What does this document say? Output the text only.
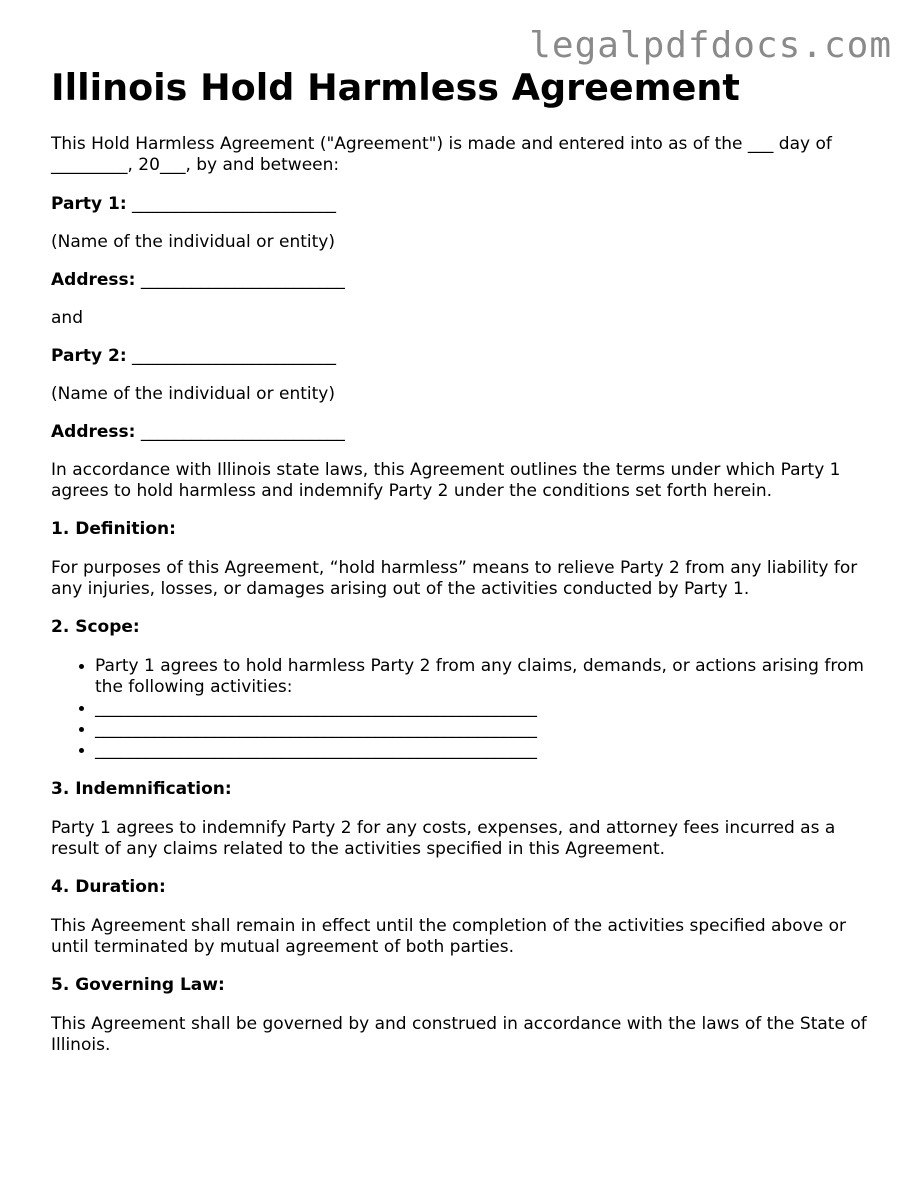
legalpdfdocs.com
Illinois Hold Harmless Agreement

This Hold Harmless Agreement ("Agreement") is made and entered into as of the ___ day of _________, 20___, by and between:

Party 1: ________________________

(Name of the individual or entity)

Address: ________________________

and

Party 2: ________________________

(Name of the individual or entity)

Address: ________________________

In accordance with Illinois state laws, this Agreement outlines the terms under which Party 1 agrees to hold harmless and indemnify Party 2 under the conditions set forth herein.

1. Definition:

For purposes of this Agreement, “hold harmless” means to relieve Party 2 from any liability for any injuries, losses, or damages arising out of the activities conducted by Party 1.

2. Scope:

• Party 1 agrees to hold harmless Party 2 from any claims, demands, or actions arising from the following activities:
• ____________________________________________________
• ____________________________________________________
• ____________________________________________________

3. Indemnification:

Party 1 agrees to indemnify Party 2 for any costs, expenses, and attorney fees incurred as a result of any claims related to the activities specified in this Agreement.

4. Duration:

This Agreement shall remain in effect until the completion of the activities specified above or until terminated by mutual agreement of both parties.

5. Governing Law:

This Agreement shall be governed by and construed in accordance with the laws of the State of Illinois.
